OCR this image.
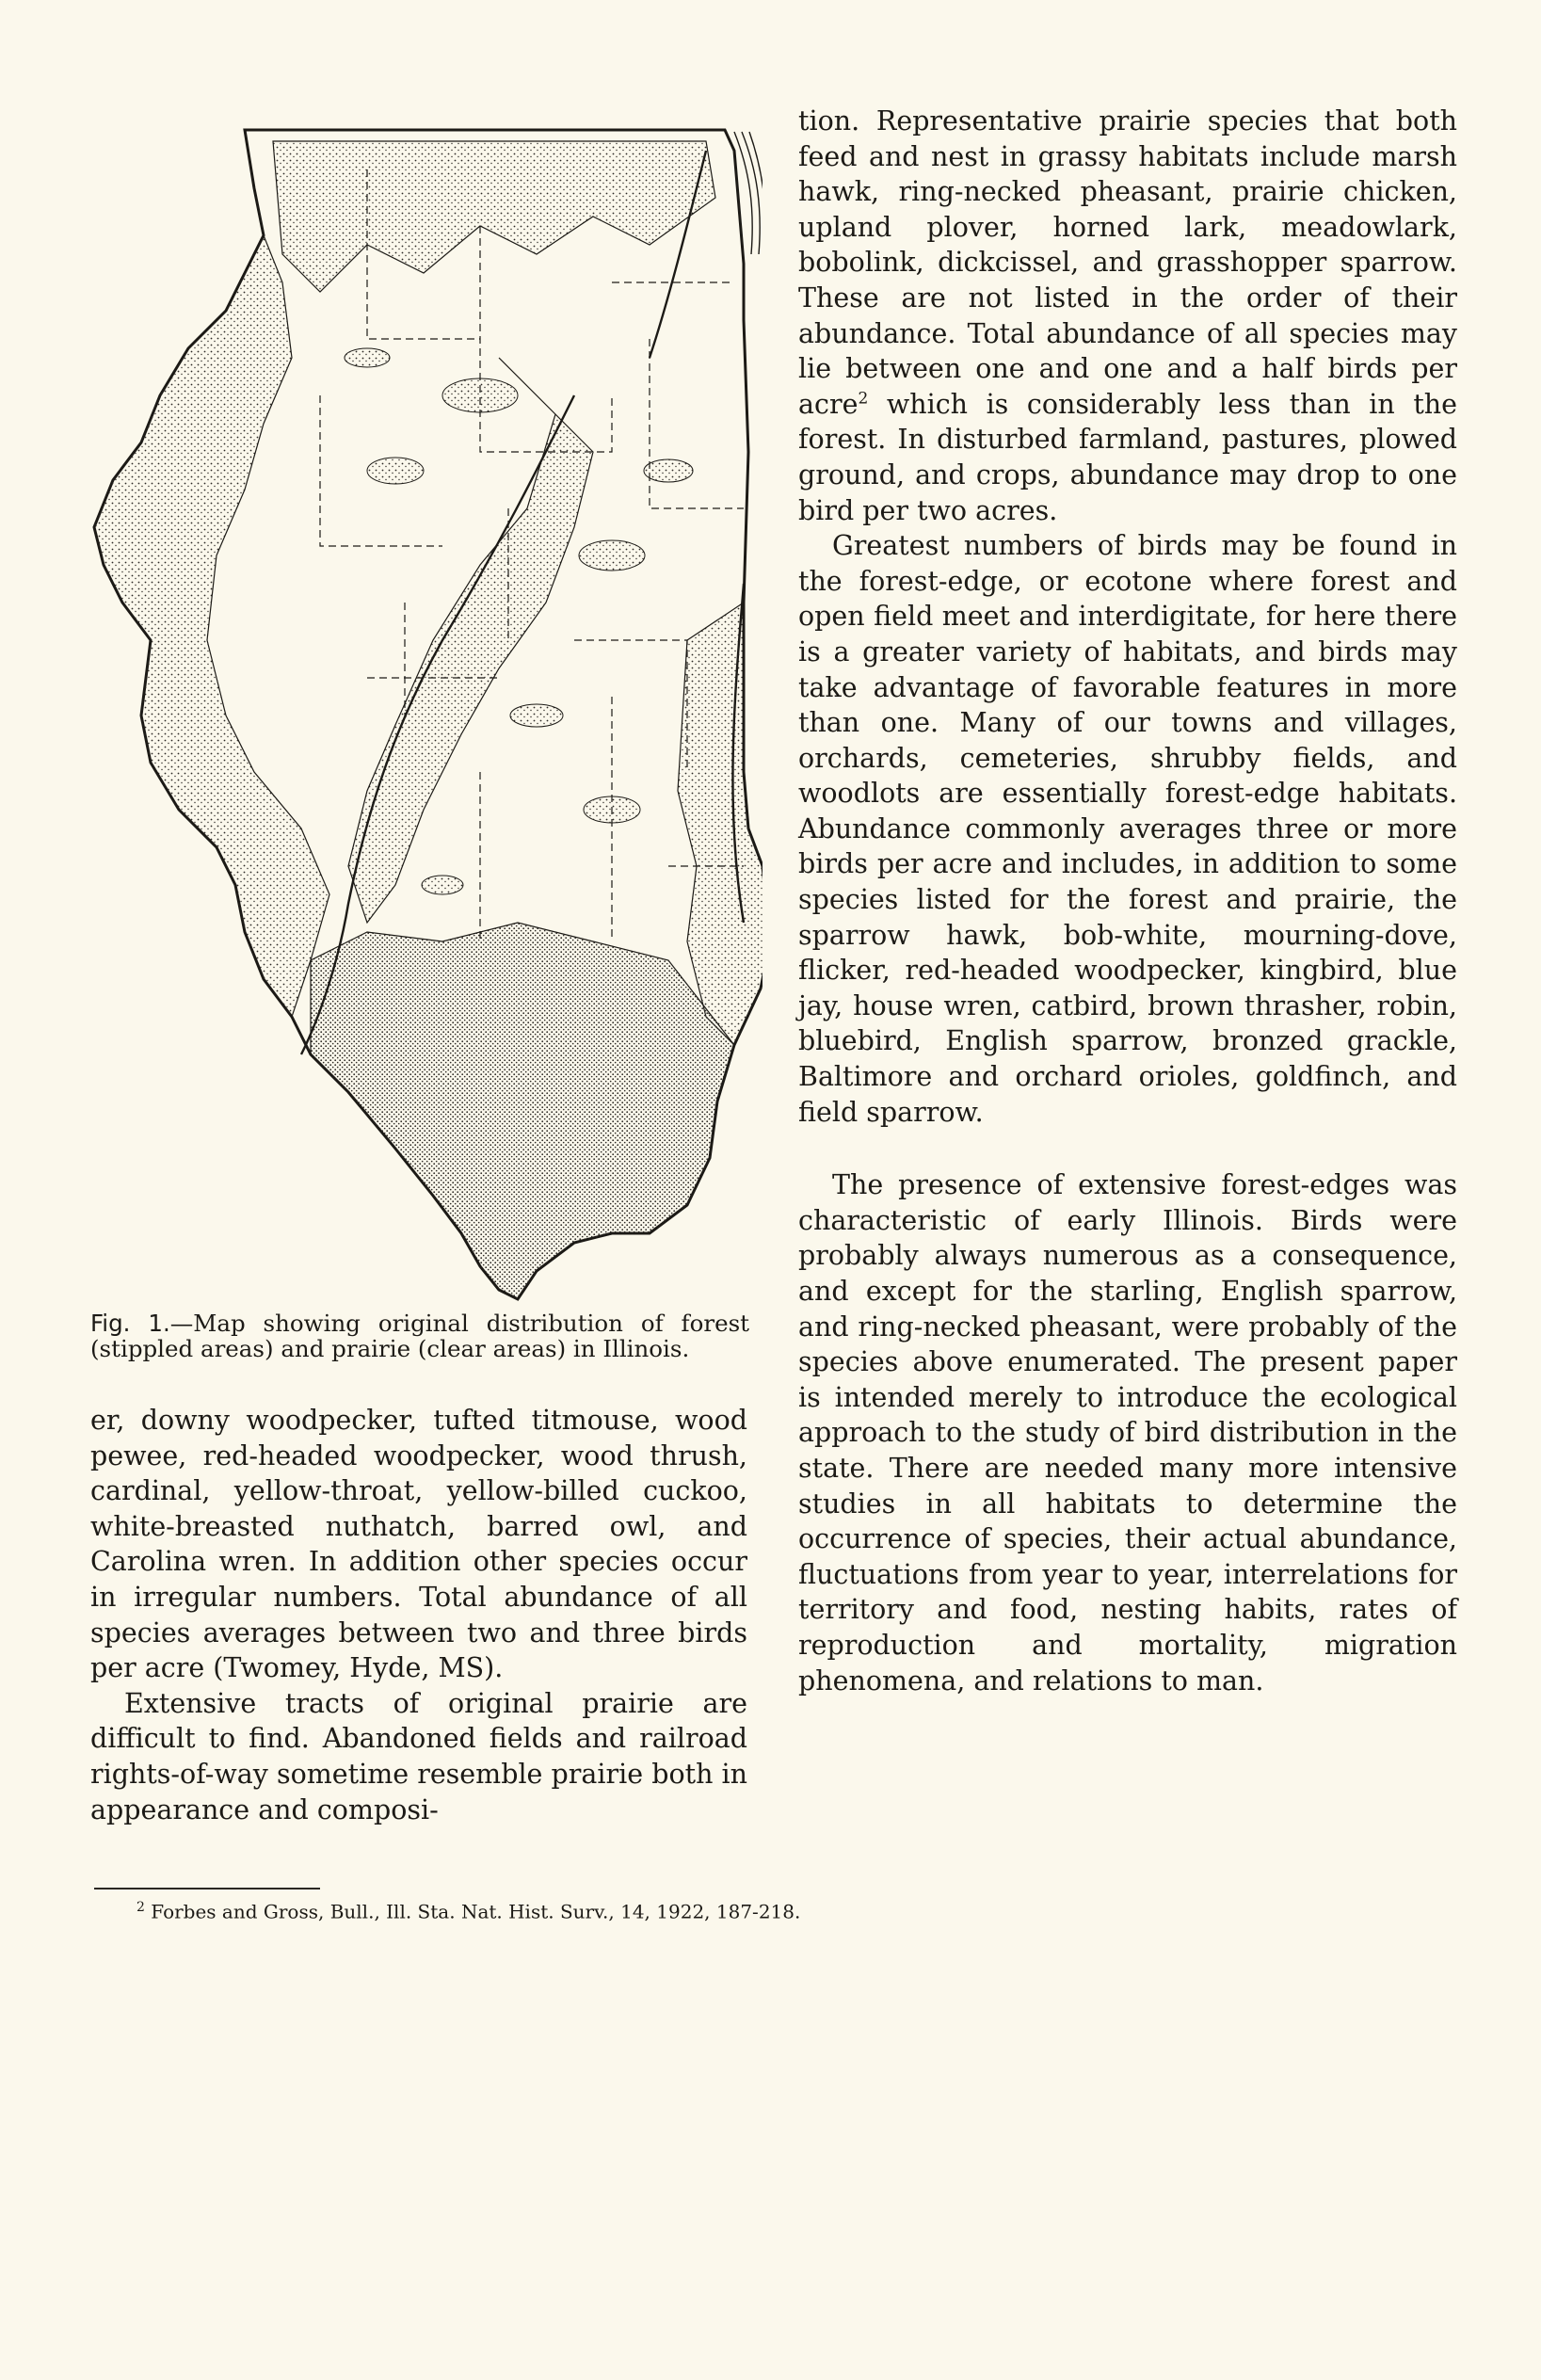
Fig. 1.—Map showing original distribution of forest (stippled areas) and prairie (clear areas) in Illinois.

er, downy woodpecker, tufted titmouse, wood pewee, red-headed woodpecker, wood thrush, cardinal, yellow-throat, yellow-billed cuckoo, white-breasted nuthatch, barred owl, and Carolina wren. In addition other species occur in irregular numbers. Total abundance of all species averages between two and three birds per acre (Twomey, Hyde, MS).

Extensive tracts of original prairie are difficult to find. Abandoned fields and railroad rights-of-way sometime resemble prairie both in appearance and composi-

tion. Representative prairie species that both feed and nest in grassy habitats include marsh hawk, ring-necked pheasant, prairie chicken, upland plover, horned lark, meadowlark, bobolink, dickcissel, and grasshopper sparrow. These are not listed in the order of their abundance. Total abundance of all species may lie between one and one and a half birds per acre$^2$ which is considerably less than in the forest. In disturbed farmland, pastures, plowed ground, and crops, abundance may drop to one bird per two acres.

Greatest numbers of birds may be found in the forest-edge, or ecotone where forest and open field meet and interdigitate, for here there is a greater variety of habitats, and birds may take advantage of favorable features in more than one. Many of our towns and villages, orchards, cemeteries, shrubby fields, and woodlots are essentially forest-edge habitats. Abundance commonly averages three or more birds per acre and includes, in addition to some species listed for the forest and prairie, the sparrow hawk, bob-white, mourning-dove, flicker, red-headed woodpecker, kingbird, blue jay, house wren, catbird, brown thrasher, robin, bluebird, English sparrow, bronzed grackle, Baltimore and orchard orioles, goldfinch, and field sparrow.

The presence of extensive forest-edges was characteristic of early Illinois. Birds were probably always numerous as a consequence, and except for the starling, English sparrow, and ring-necked pheasant, were probably of the species above enumerated. The present paper is intended merely to introduce the ecological approach to the study of bird distribution in the state. There are needed many more intensive studies in all habitats to determine the occurrence of species, their actual abundance, fluctuations from year to year, interrelations for territory and food, nesting habits, rates of reproduction and mortality, migration phenomena, and relations to man.

$^2$ Forbes and Gross, Bull., Ill. Sta. Nat. Hist. Surv., 14, 1922, 187-218.
